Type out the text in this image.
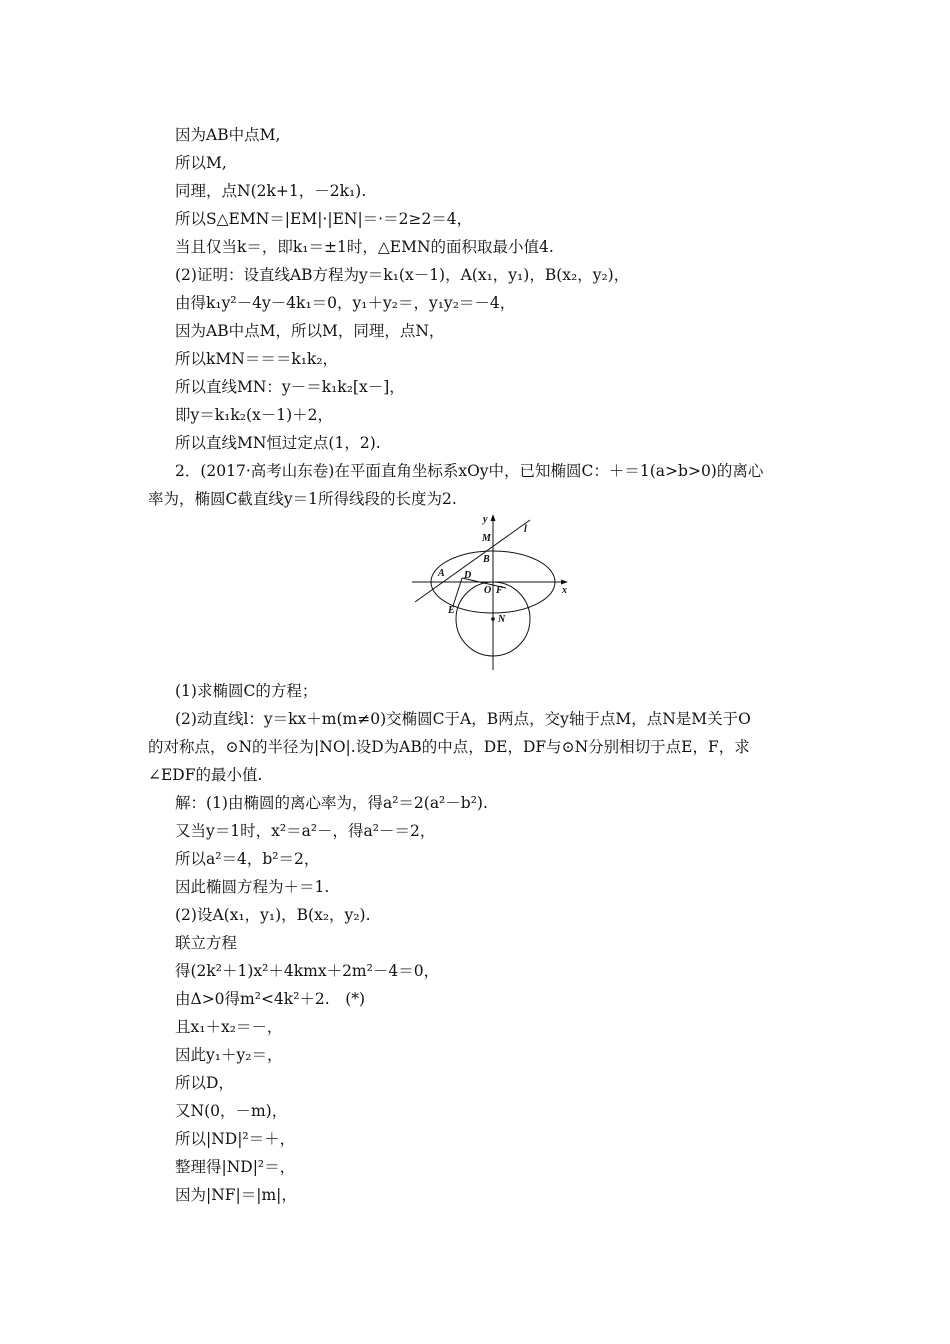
因为AB中点M,
所以M,
同理，点N(2k+1，－2k₁).
所以S△EMN＝|EM|·|EN|＝·＝2≥2＝4，
当且仅当k＝，即k₁＝±1时，△EMN的面积取最小值4.
(2)证明：设直线AB方程为y＝k₁(x－1)，A(x₁，y₁)，B(x₂，y₂)，
由得k₁y²－4y－4k₁＝0，y₁＋y₂＝，y₁y₂＝－4，
因为AB中点M，所以M，同理，点N，
所以kMN＝＝＝k₁k₂，
所以直线MN：y－＝k₁k₂[x－]，
即y＝k₁k₂(x－1)＋2，
所以直线MN恒过定点(1，2).
2．(2017·高考山东卷)在平面直角坐标系xOy中，已知椭圆C：＋＝1(a>b>0)的离心
率为，椭圆C截直线y＝1所得线段的长度为2.
y
l
M
B
A D
O F	x
E
N
(1)求椭圆C的方程；
(2)动直线l：y＝kx＋m(m≠0)交椭圆C于A，B两点，交y轴于点M，点N是M关于O
的对称点，⊙N的半径为|NO|.设D为AB的中点，DE，DF与⊙N分别相切于点E，F，求
∠EDF的最小值.
解：(1)由椭圆的离心率为，得a²＝2(a²－b²).
又当y＝1时，x²＝a²－，得a²－＝2，
所以a²＝4，b²＝2，
因此椭圆方程为＋＝1.
(2)设A(x₁，y₁)，B(x₂，y₂).
联立方程
得(2k²＋1)x²＋4kmx＋2m²－4＝0，
由Δ>0得m²<4k²＋2.　(*)
且x₁＋x₂＝－，
因此y₁＋y₂＝，
所以D，
又N(0，－m)，
所以|ND|²＝＋，
整理得|ND|²＝，
因为|NF|＝|m|，
